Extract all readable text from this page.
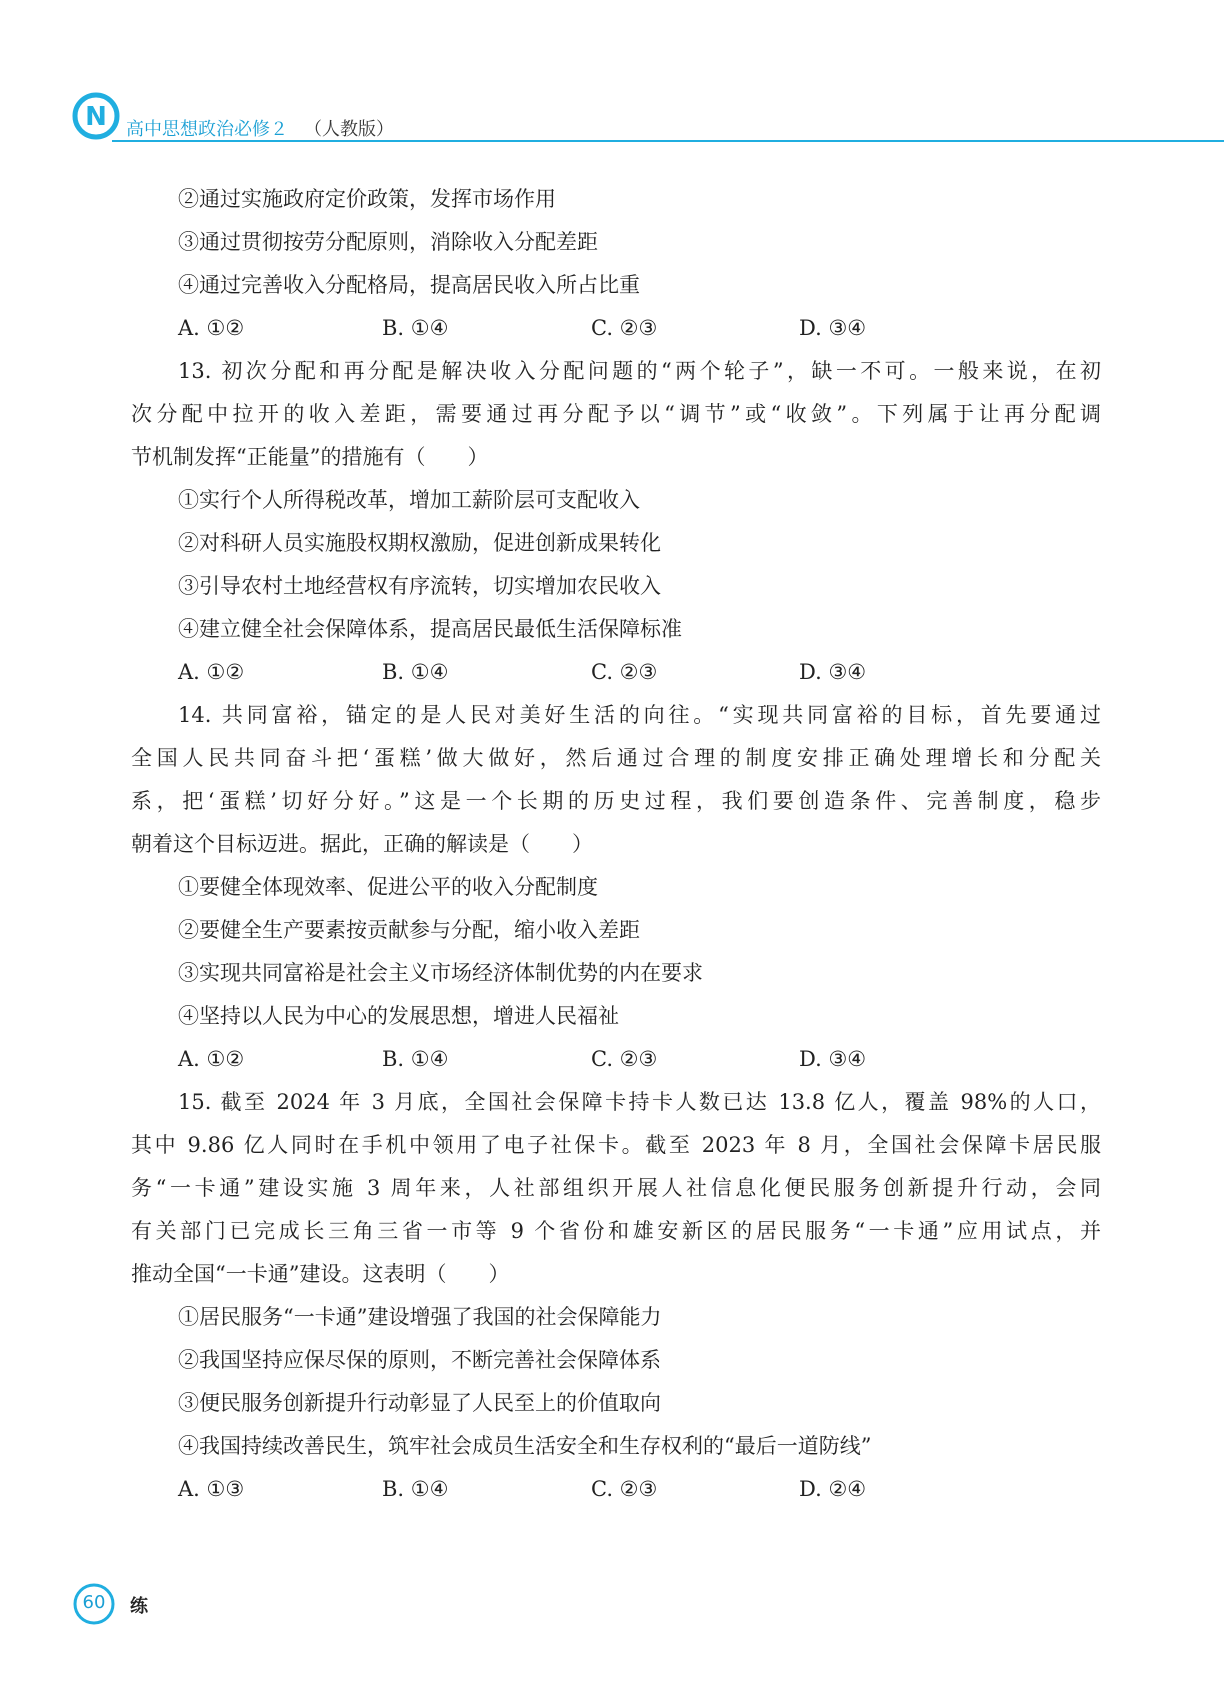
N 高中思想政治必修２ （人教版）
②通过实施政府定价政策，发挥市场作用
③通过贯彻按劳分配原则，消除收入分配差距
④通过完善收入分配格局，提高居民收入所占比重
A. ①②	B. ①④	C. ②③	D. ③④
13. 初次分配和再分配是解决收入分配问题的“两个轮子”，缺一不可。一般来说，在初
次分配中拉开的收入差距，需要通过再分配予以“调节”或“收敛”。下列属于让再分配调
节机制发挥“正能量”的措施有（　　）
①实行个人所得税改革，增加工薪阶层可支配收入
②对科研人员实施股权期权激励，促进创新成果转化
③引导农村土地经营权有序流转，切实增加农民收入
④建立健全社会保障体系，提高居民最低生活保障标准
A. ①②	B. ①④	C. ②③	D. ③④
14. 共同富裕，锚定的是人民对美好生活的向往。“实现共同富裕的目标，首先要通过
全国人民共同奋斗把‘蛋糕’做大做好，然后通过合理的制度安排正确处理增长和分配关
系，把‘蛋糕’切好分好。”这是一个长期的历史过程，我们要创造条件、完善制度，稳步
朝着这个目标迈进。据此，正确的解读是（　　）
①要健全体现效率、促进公平的收入分配制度
②要健全生产要素按贡献参与分配，缩小收入差距
③实现共同富裕是社会主义市场经济体制优势的内在要求
④坚持以人民为中心的发展思想，增进人民福祉
A. ①②	B. ①④	C. ②③	D. ③④
15. 截至 2024 年 3 月底，全国社会保障卡持卡人数已达 13.8 亿人，覆盖 98%的人口，
其中 9.86 亿人同时在手机中领用了电子社保卡。截至 2023 年 8 月，全国社会保障卡居民服
务“一卡通”建设实施 3 周年来，人社部组织开展人社信息化便民服务创新提升行动，会同
有关部门已完成长三角三省一市等 9 个省份和雄安新区的居民服务“一卡通”应用试点，并
推动全国“一卡通”建设。这表明（　　）
①居民服务“一卡通”建设增强了我国的社会保障能力
②我国坚持应保尽保的原则，不断完善社会保障体系
③便民服务创新提升行动彰显了人民至上的价值取向
④我国持续改善民生，筑牢社会成员生活安全和生存权利的“最后一道防线”
A. ①③	B. ①④	C. ②③	D. ②④
60	练
